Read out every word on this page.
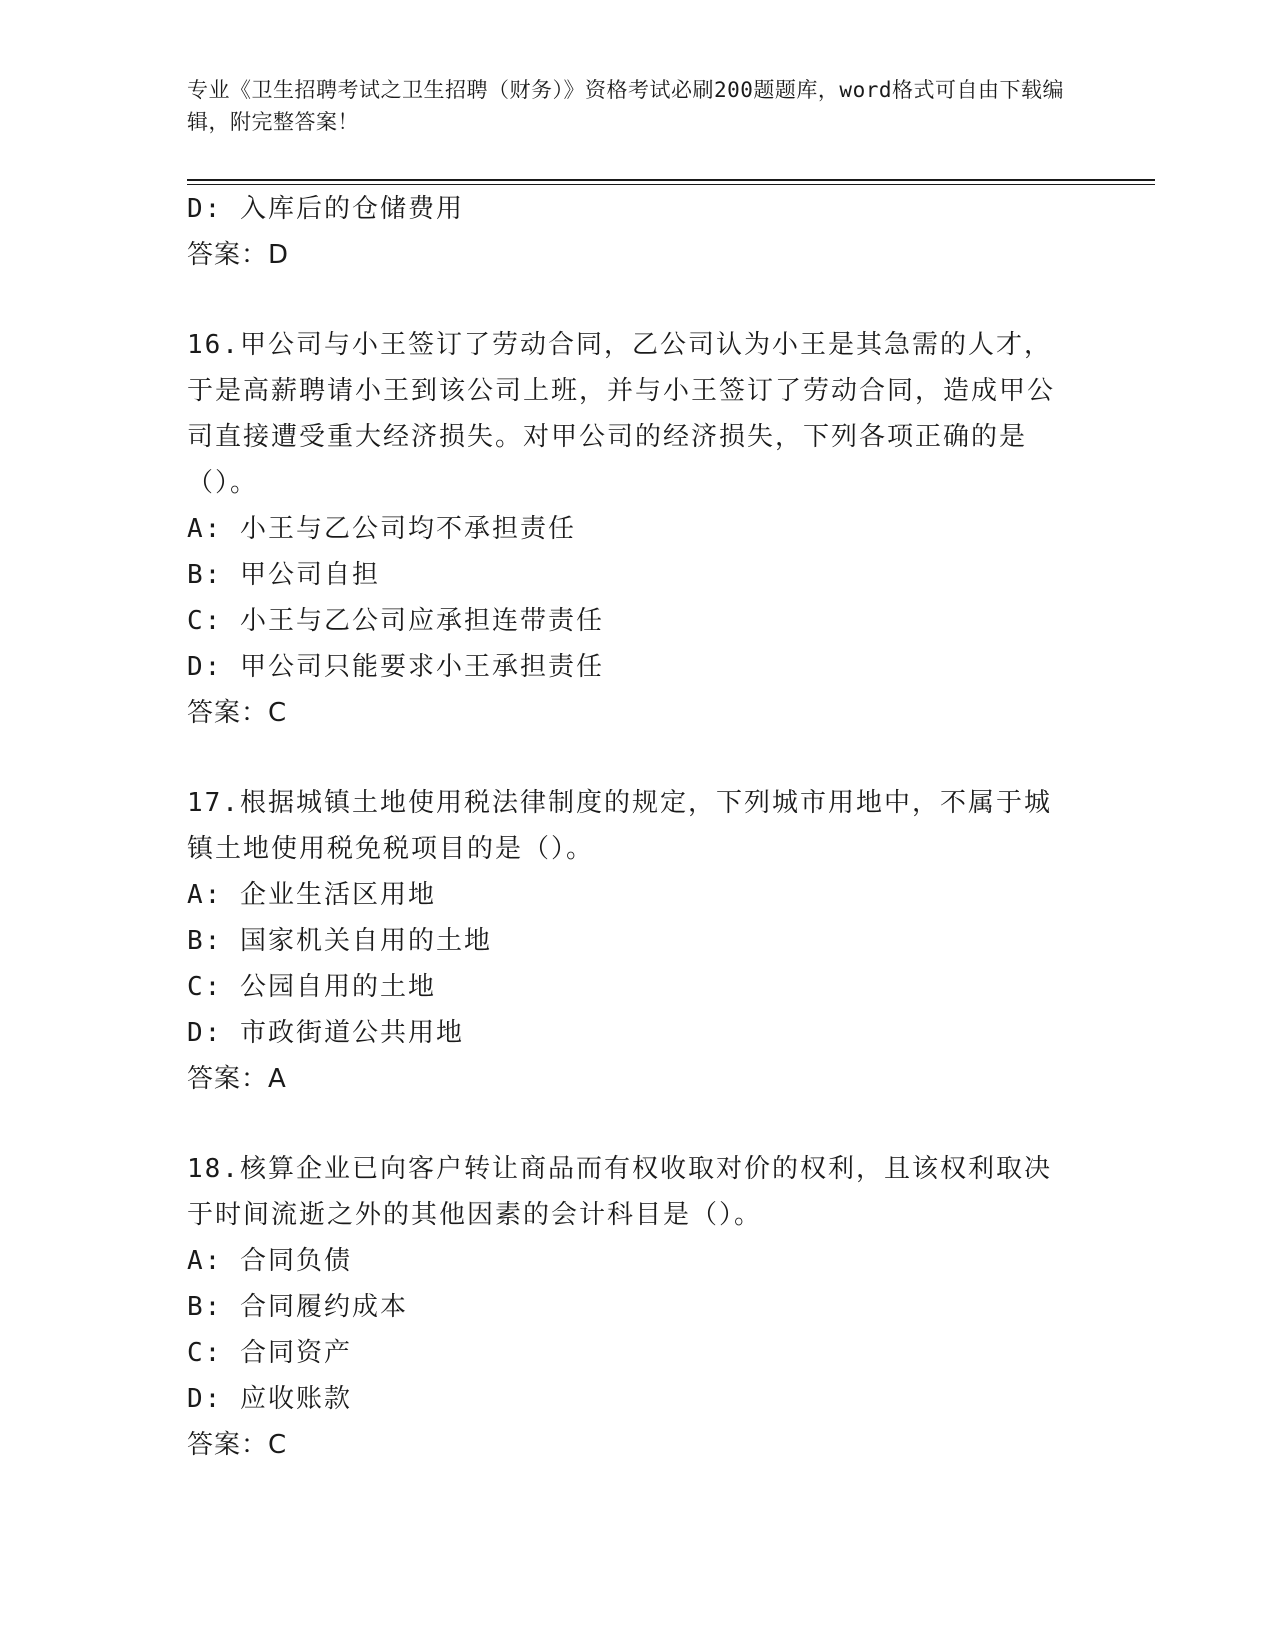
专业《卫生招聘考试之卫生招聘（财务）》资格考试必刷200题题库，word格式可自由下载编辑，附完整答案！
D: 入库后的仓储费用
答案：D
16.甲公司与小王签订了劳动合同，乙公司认为小王是其急需的人才，于是高薪聘请小王到该公司上班，并与小王签订了劳动合同，造成甲公司直接遭受重大经济损失。对甲公司的经济损失，下列各项正确的是（）。
A: 小王与乙公司均不承担责任
B: 甲公司自担
C: 小王与乙公司应承担连带责任
D: 甲公司只能要求小王承担责任
答案：C
17.根据城镇土地使用税法律制度的规定，下列城市用地中，不属于城镇土地使用税免税项目的是（）。
A: 企业生活区用地
B: 国家机关自用的土地
C: 公园自用的土地
D: 市政街道公共用地
答案：A
18.核算企业已向客户转让商品而有权收取对价的权利，且该权利取决于时间流逝之外的其他因素的会计科目是（）。
A: 合同负债
B: 合同履约成本
C: 合同资产
D: 应收账款
答案：C
